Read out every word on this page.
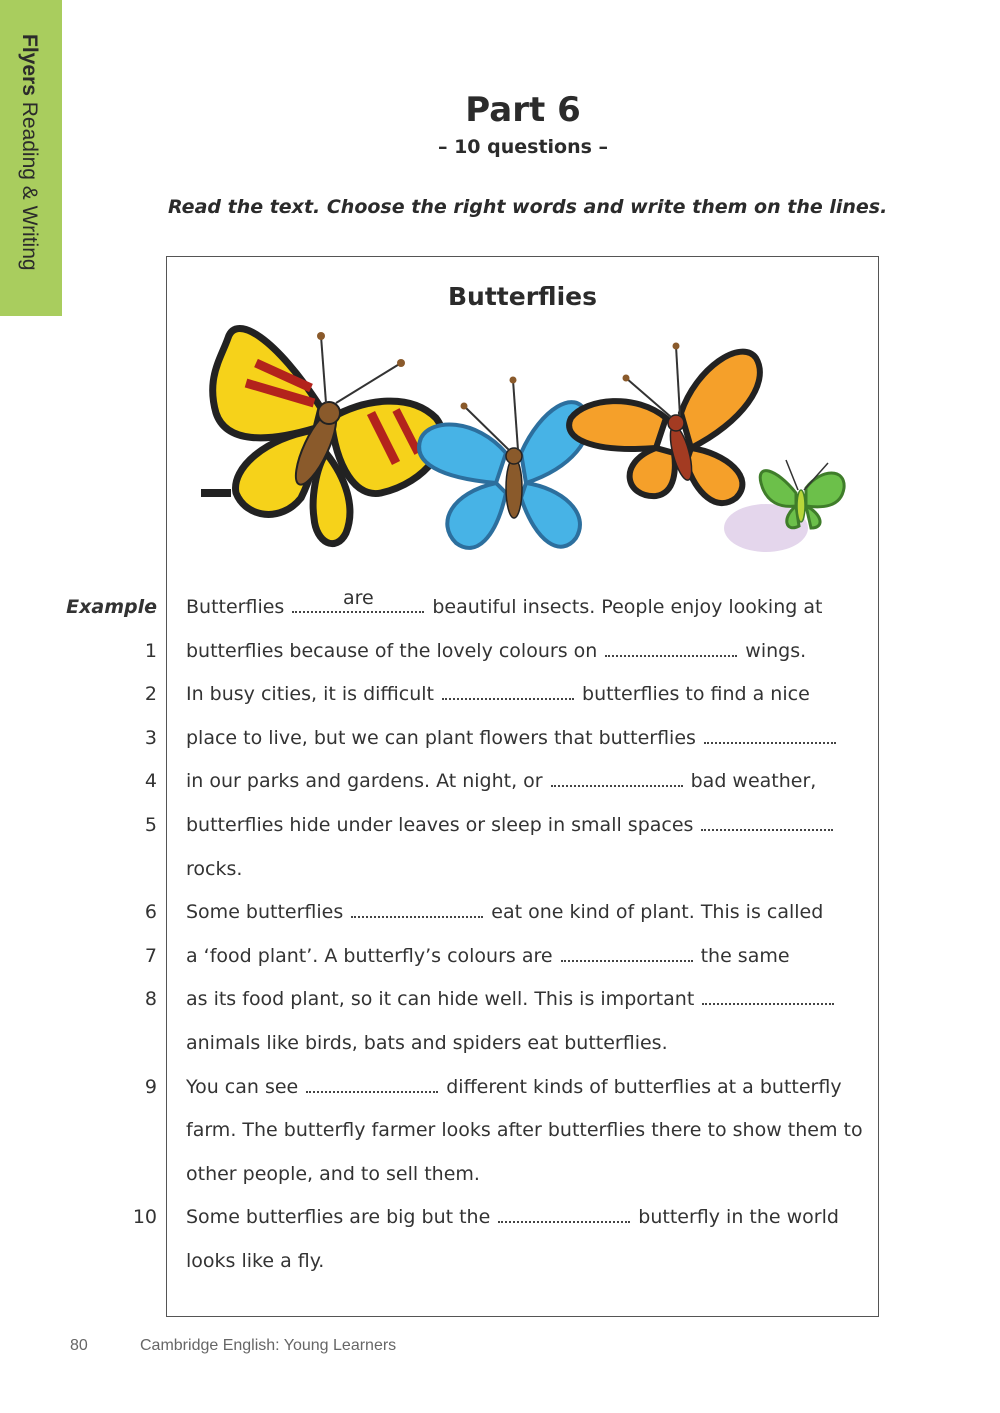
Flyers Reading & Writing	Part 6
– 10 questions –
Read the text. Choose the right words and write them on the lines.
Butterflies
Example Butterflies	are	beautiful insects. People enjoy looking at
1 butterflies because of the lovely colours on	wings.
2 In busy cities, it is difficult	butterflies to find a nice
3 place to live, but we can plant flowers that butterflies
4 in our parks and gardens. At night, or	bad weather,
5 butterflies hide under leaves or sleep in small spaces
rocks.
6 Some butterflies	eat one kind of plant. This is called
7 a ‘food plant’. A butterfly’s colours are	the same
8 as its food plant, so it can hide well. This is important
animals like birds, bats and spiders eat butterflies.
9 You can see	different kinds of butterflies at a butterfly
farm. The butterfly farmer looks after butterflies there to show them to
other people, and to sell them.
10 Some butterflies are big but the	butterfly in the world
looks like a fly.
80	Cambridge English: Young Learners
